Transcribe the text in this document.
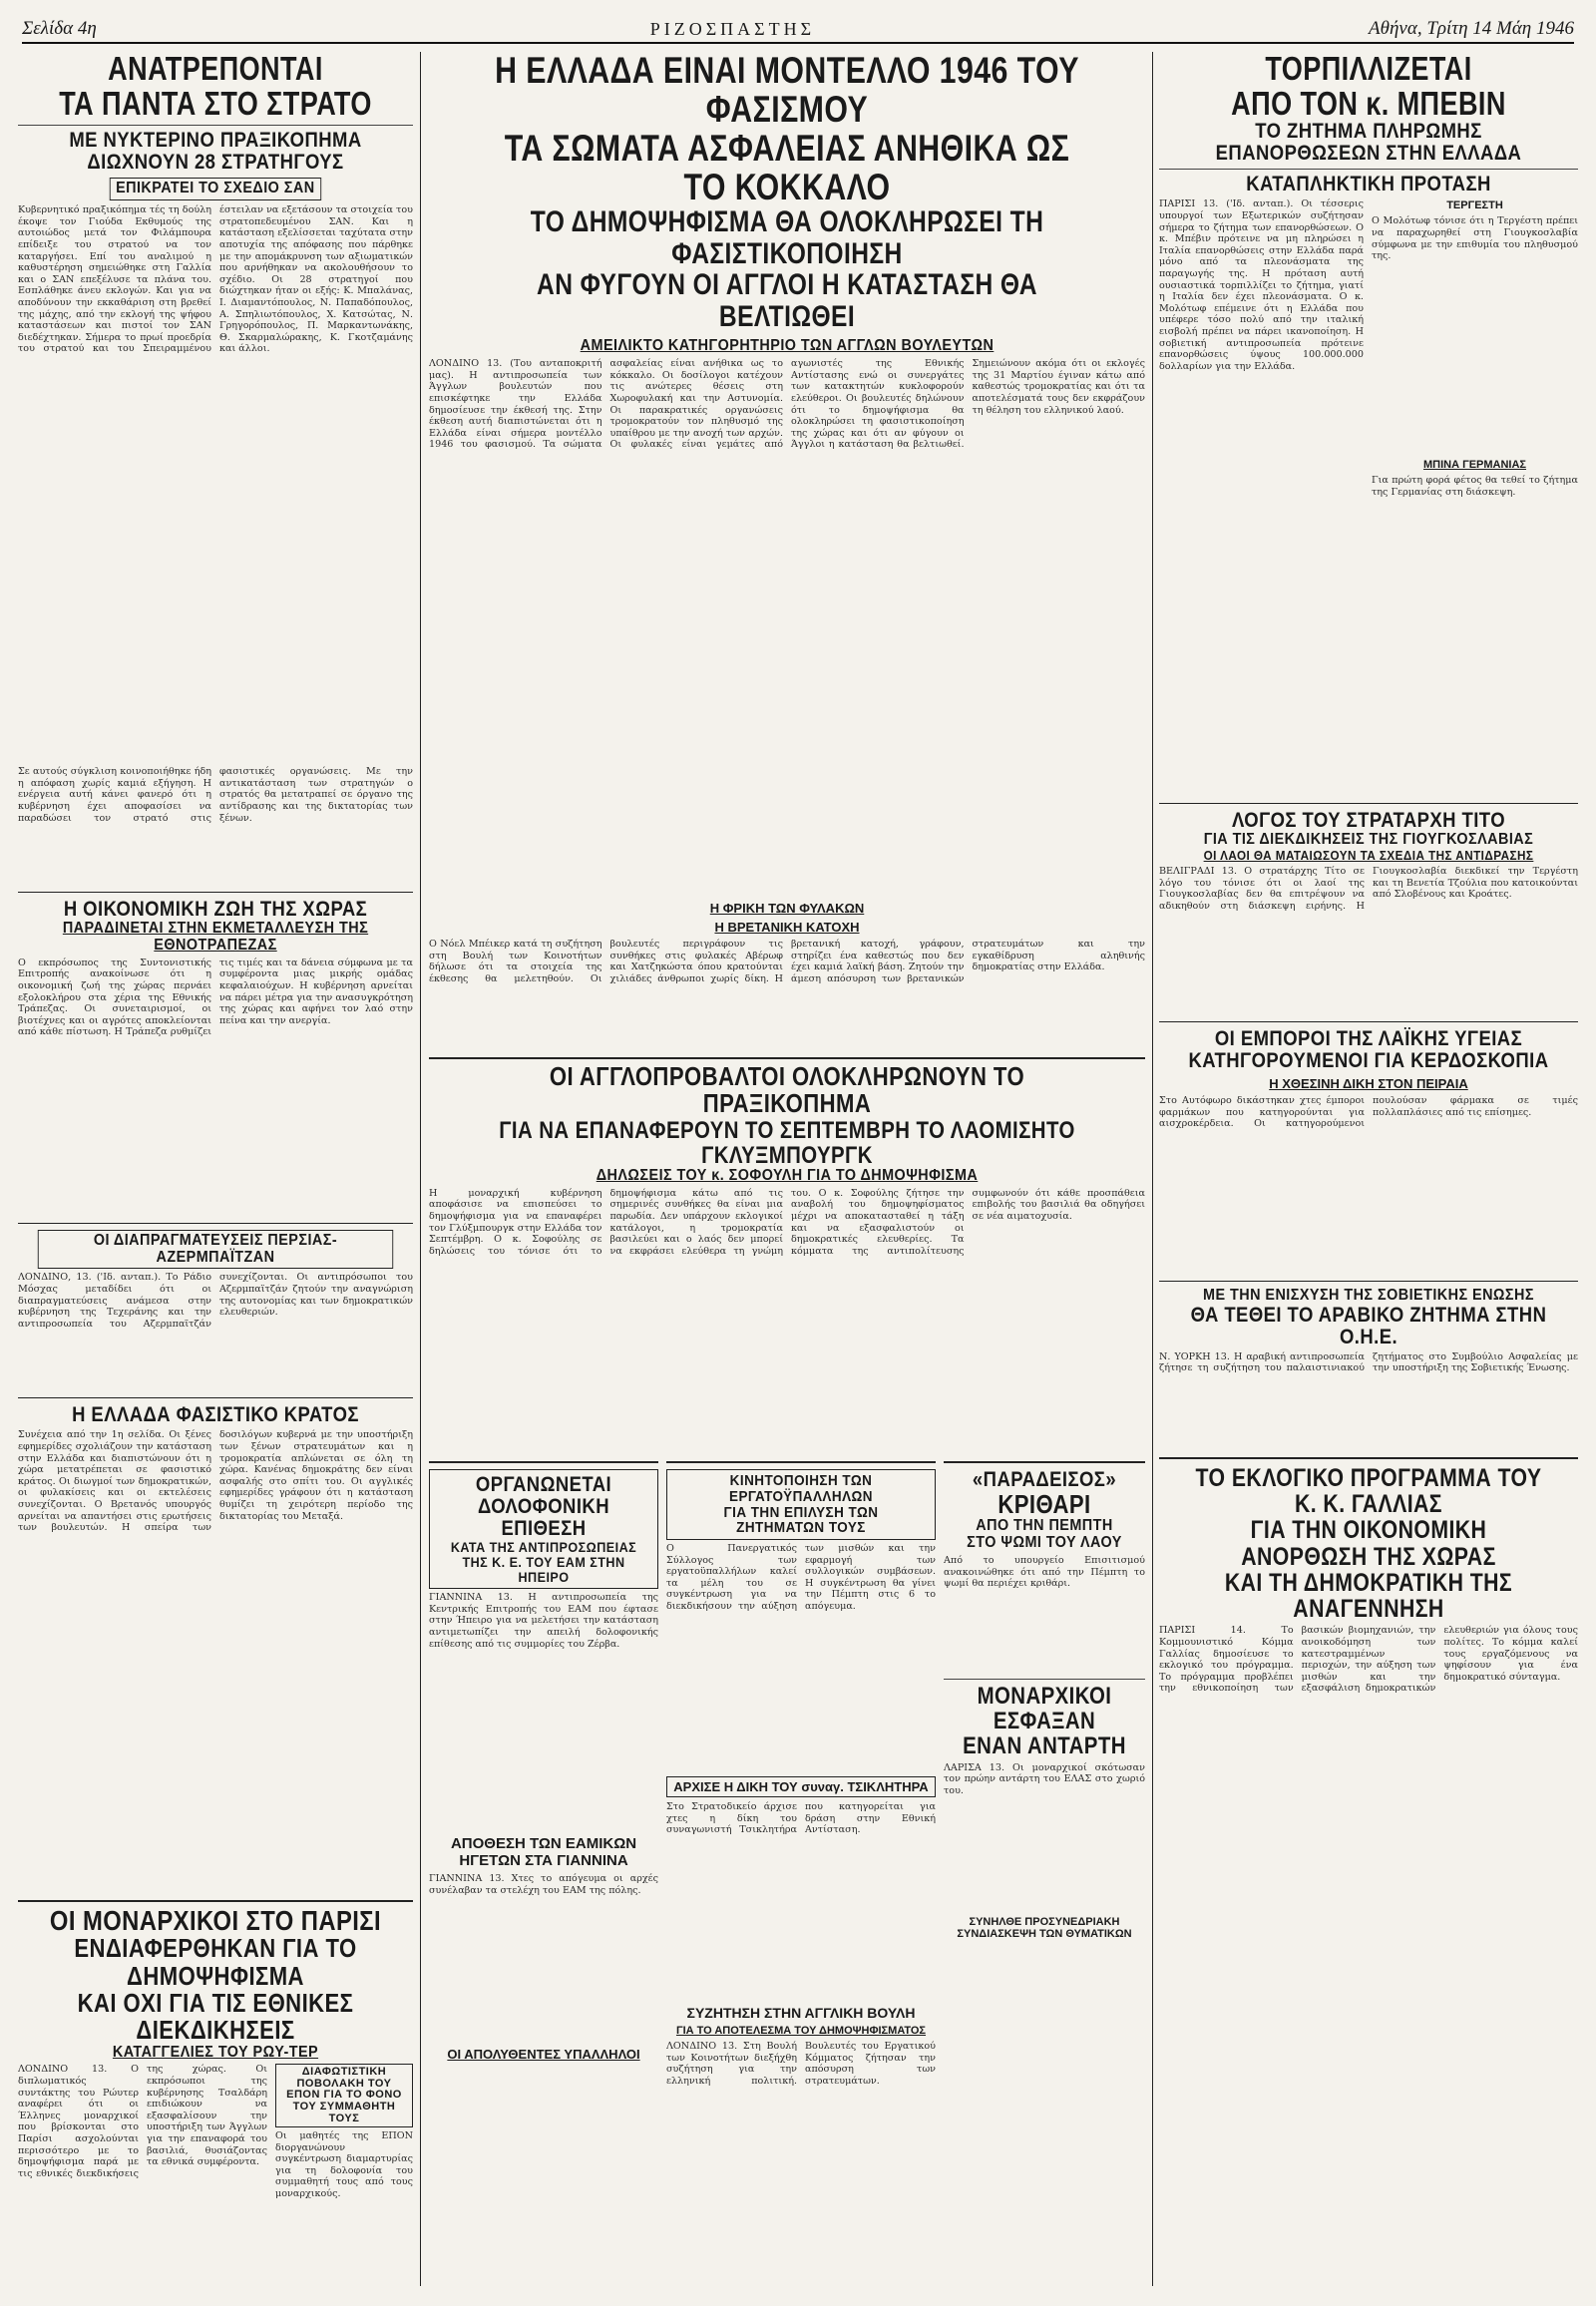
Σελίδα 4η	ΡΙΖΟΣΠΑΣΤΗΣ	Αθήνα, Τρίτη 14 Μάη 1946

ΑΝΑΤΡΕΠΟΝΤΑΙ

ΤΑ ΠΑΝΤΑ ΣΤΟ ΣΤΡΑΤΟ

ΜΕ ΝΥΚΤΕΡΙΝΟ ΠΡΑΞΙΚΟΠΗΜΑ

ΔΙΩΧΝΟΥΝ 28 ΣΤΡΑΤΗΓΟΥΣ

ΕΠΙΚΡΑΤΕΙ ΤΟ ΣΧΕΔΙΟ ΣΑΝ

Κυβερνητικό πραξικόπημα τές τη δούλη έκοψε τον Γιούδα Εκθυμούς της αυτοιώδος μετά τον Φιλάμπουρα επίδειξε του στρατού να τον καταργήσει. Επί του αναλιμού η καθυστέρηση σημειώθηκε στη Γαλλία και ο ΣΑΝ επεξέλυσε τα πλάνα του. Εσπλάθηκε άνευ εκλογών. Και για να αποδύνουν την εκκαθάριση στη βρεθεί της μάχης, από την εκλογή της ψήφου καταστάσεων και πιστοί τον ΣΑΝ διεδέχτηκαν. Σήμερα το πρωί προεδρία του στρατού και του Σπειραμμένου έστειλαν να εξετάσουν τα στοιχεία του στρατοπεδευμένου ΣΑΝ. Και η κατάσταση εξελίσσεται ταχύτατα στην αποτυχία της απόφασης που πάρθηκε με την απομάκρυνση των αξιωματικών που αρνήθηκαν να ακολουθήσουν το σχέδιο. Οι 28 στρατηγοί που διώχτηκαν ήταν οι εξής: Κ. Μπαλάνας, Ι. Διαμαντόπουλος, Ν. Παπαδόπουλος, Α. Σπηλιωτόπουλος, Χ. Κατσώτας, Ν. Γρηγορόπουλος, Π. Μαρκαντωνάκης, Θ. Σκαρμαλώρακης, Κ. Γκοτζαμάνης και άλλοι.

Σε αυτούς σύγκλιση κοινοποιήθηκε ήδη η απόφαση χωρίς καμιά εξήγηση. Η ενέργεια αυτή κάνει φανερό ότι η κυβέρνηση έχει αποφασίσει να παραδώσει τον στρατό στις φασιστικές οργανώσεις. Με την αντικατάσταση των στρατηγών ο στρατός θα μετατραπεί σε όργανο της αντίδρασης και της δικτατορίας των ξένων.

Η ΟΙΚΟΝΟΜΙΚΗ ΖΩΗ ΤΗΣ ΧΩΡΑΣ

ΠΑΡΑΔΙΝΕΤΑΙ ΣΤΗΝ ΕΚΜΕΤΑΛΛΕΥΣΗ ΤΗΣ ΕΘΝΟΤΡΑΠΕΖΑΣ

Ο εκπρόσωπος της Συντονιστικής Επιτροπής ανακοίνωσε ότι η οικονομική ζωή της χώρας περνάει εξολοκλήρου στα χέρια της Εθνικής Τράπεζας. Οι συνεταιρισμοί, οι βιοτέχνες και οι αγρότες αποκλείονται από κάθε πίστωση. Η Τράπεζα ρυθμίζει τις τιμές και τα δάνεια σύμφωνα με τα συμφέροντα μιας μικρής ομάδας κεφαλαιούχων. Η κυβέρνηση αρνείται να πάρει μέτρα για την ανασυγκρότηση της χώρας και αφήνει τον λαό στην πείνα και την ανεργία.

ΟΙ ΔΙΑΠΡΑΓΜΑΤΕΥΣΕΙΣ ΠΕΡΣΙΑΣ-ΑΖΕΡΜΠΑΪΤΖΑΝ

ΛΟΝΔΙΝΟ, 13. ('Ιδ. ανταπ.). Το Ράδιο Μόσχας μεταδίδει ότι οι διαπραγματεύσεις ανάμεσα στην κυβέρνηση της Τεχεράνης και την αντιπροσωπεία του Αζερμπαϊτζάν συνεχίζονται. Οι αντιπρόσωποι του Αζερμπαϊτζάν ζητούν την αναγνώριση της αυτονομίας και των δημοκρατικών ελευθεριών.

Η ΕΛΛΑΔΑ ΦΑΣΙΣΤΙΚΟ ΚΡΑΤΟΣ

Συνέχεια από την 1η σελίδα. Οι ξένες εφημερίδες σχολιάζουν την κατάσταση στην Ελλάδα και διαπιστώνουν ότι η χώρα μετατρέπεται σε φασιστικό κράτος. Οι διωγμοί των δημοκρατικών, οι φυλακίσεις και οι εκτελέσεις συνεχίζονται. Ο Βρετανός υπουργός αρνείται να απαντήσει στις ερωτήσεις των βουλευτών. Η σπείρα των δοσιλόγων κυβερνά με την υποστήριξη των ξένων στρατευμάτων και η τρομοκρατία απλώνεται σε όλη τη χώρα. Κανένας δημοκράτης δεν είναι ασφαλής στο σπίτι του. Οι αγγλικές εφημερίδες γράφουν ότι η κατάσταση θυμίζει τη χειρότερη περίοδο της δικτατορίας του Μεταξά.

Η ΕΛΛΑΔΑ ΕΙΝΑΙ ΜΟΝΤΕΛΛΟ 1946 ΤΟΥ ΦΑΣΙΣΜΟΥ

ΤΑ ΣΩΜΑΤΑ ΑΣΦΑΛΕΙΑΣ ΑΝΗΘΙΚΑ ΩΣ ΤΟ ΚΟΚΚΑΛΟ

ΤΟ ΔΗΜΟΨΗΦΙΣΜΑ ΘΑ ΟΛΟΚΛΗΡΩΣΕΙ ΤΗ ΦΑΣΙΣΤΙΚΟΠΟΙΗΣΗ

ΑΝ ΦΥΓΟΥΝ ΟΙ ΑΓΓΛΟΙ Η ΚΑΤΑΣΤΑΣΗ ΘΑ ΒΕΛΤΙΩΘΕΙ

ΑΜΕΙΛΙΚΤΟ ΚΑΤΗΓΟΡΗΤΗΡΙΟ ΤΩΝ ΑΓΓΛΩΝ ΒΟΥΛΕΥΤΩΝ

ΛΟΝΔΙΝΟ 13. (Του ανταποκριτή μας). Η αντιπροσωπεία των Άγγλων βουλευτών που επισκέφτηκε την Ελλάδα δημοσίευσε την έκθεσή της. Στην έκθεση αυτή διαπιστώνεται ότι η Ελλάδα είναι σήμερα μοντέλλο 1946 του φασισμού. Τα σώματα ασφαλείας είναι ανήθικα ως το κόκκαλο. Οι δοσίλογοι κατέχουν τις ανώτερες θέσεις στη Χωροφυλακή και την Αστυνομία. Οι παρακρατικές οργανώσεις τρομοκρατούν τον πληθυσμό της υπαίθρου με την ανοχή των αρχών. Οι φυλακές είναι γεμάτες από αγωνιστές της Εθνικής Αντίστασης ενώ οι συνεργάτες των κατακτητών κυκλοφορούν ελεύθεροι. Οι βουλευτές δηλώνουν ότι το δημοψήφισμα θα ολοκληρώσει τη φασιστικοποίηση της χώρας και ότι αν φύγουν οι Άγγλοι η κατάσταση θα βελτιωθεί. Σημειώνουν ακόμα ότι οι εκλογές της 31 Μαρτίου έγιναν κάτω από καθεστώς τρομοκρατίας και ότι τα αποτελέσματά τους δεν εκφράζουν τη θέληση του ελληνικού λαού.

Η ΦΡΙΚΗ ΤΩΝ ΦΥΛΑΚΩΝ

Η ΒΡΕΤΑΝΙΚΗ ΚΑΤΟΧΗ

Ο Νόελ Μπέικερ κατά τη συζήτηση στη Βουλή των Κοινοτήτων δήλωσε ότι τα στοιχεία της έκθεσης θα μελετηθούν. Οι βουλευτές περιγράφουν τις συνθήκες στις φυλακές Αβέρωφ και Χατζηκώστα όπου κρατούνται χιλιάδες άνθρωποι χωρίς δίκη. Η βρετανική κατοχή, γράφουν, στηρίζει ένα καθεστώς που δεν έχει καμιά λαϊκή βάση. Ζητούν την άμεση απόσυρση των βρετανικών στρατευμάτων και την εγκαθίδρυση αληθινής δημοκρατίας στην Ελλάδα.

ΟΙ ΑΓΓΛΟΠΡΟΒΑΛΤΟΙ ΟΛΟΚΛΗΡΩΝΟΥΝ ΤΟ ΠΡΑΞΙΚΟΠΗΜΑ

ΓΙΑ ΝΑ ΕΠΑΝΑΦΕΡΟΥΝ ΤΟ ΣΕΠΤΕΜΒΡΗ ΤΟ ΛΑΟΜΙΣΗΤΟ ΓΚΛΥΞΜΠΟΥΡΓΚ

ΔΗΛΩΣΕΙΣ ΤΟΥ κ. ΣΟΦΟΥΛΗ ΓΙΑ ΤΟ ΔΗΜΟΨΗΦΙΣΜΑ

Η μοναρχική κυβέρνηση αποφάσισε να επισπεύσει το δημοψήφισμα για να επαναφέρει τον Γλύξμπουργκ στην Ελλάδα τον Σεπτέμβρη. Ο κ. Σοφούλης σε δηλώσεις του τόνισε ότι το δημοψήφισμα κάτω από τις σημερινές συνθήκες θα είναι μια παρωδία. Δεν υπάρχουν εκλογικοί κατάλογοι, η τρομοκρατία βασιλεύει και ο λαός δεν μπορεί να εκφράσει ελεύθερα τη γνώμη του. Ο κ. Σοφούλης ζήτησε την αναβολή του δημοψηφίσματος μέχρι να αποκατασταθεί η τάξη και να εξασφαλιστούν οι δημοκρατικές ελευθερίες. Τα κόμματα της αντιπολίτευσης συμφωνούν ότι κάθε προσπάθεια επιβολής του βασιλιά θα οδηγήσει σε νέα αιματοχυσία.

ΟΡΓΑΝΩΝΕΤΑΙ

ΔΟΛΟΦΟΝΙΚΗ ΕΠΙΘΕΣΗ

ΚΑΤΑ ΤΗΣ ΑΝΤΙΠΡΟΣΩΠΕΙΑΣ ΤΗΣ Κ. Ε. ΤΟΥ ΕΑΜ ΣΤΗΝ ΗΠΕΙΡΟ

ΓΙΑΝΝΙΝΑ 13. Η αντιπροσωπεία της Κεντρικής Επιτροπής του ΕΑΜ που έφτασε στην Ήπειρο για να μελετήσει την κατάσταση αντιμετωπίζει την απειλή δολοφονικής επίθεσης από τις συμμορίες του Ζέρβα.

ΑΠΟΘΕΣΗ ΤΩΝ ΕΑΜΙΚΩΝ ΗΓΕΤΩΝ ΣΤΑ ΓΙΑΝΝΙΝΑ

ΓΙΑΝΝΙΝΑ 13. Χτες το απόγευμα οι αρχές συνέλαβαν τα στελέχη του ΕΑΜ της πόλης.

ΟΙ ΑΠΟΛΥΘΕΝΤΕΣ ΥΠΑΛΛΗΛΟΙ

ΚΙΝΗΤΟΠΟΙΗΣΗ ΤΩΝ ΕΡΓΑΤΟΫΠΑΛΛΗΛΩΝ

ΓΙΑ ΤΗΝ ΕΠΙΛΥΣΗ ΤΩΝ ΖΗΤΗΜΑΤΩΝ ΤΟΥΣ

Ο Πανεργατικός Σύλλογος των εργατοϋπαλλήλων καλεί τα μέλη του σε συγκέντρωση για να διεκδικήσουν την αύξηση των μισθών και την εφαρμογή των συλλογικών συμβάσεων. Η συγκέντρωση θα γίνει την Πέμπτη στις 6 το απόγευμα.

ΑΡΧΙΣΕ Η ΔΙΚΗ ΤΟΥ συναγ. ΤΣΙΚΛΗΤΗΡΑ

Στο Στρατοδικείο άρχισε χτες η δίκη του συναγωνιστή Τσικλητήρα που κατηγορείται για δράση στην Εθνική Αντίσταση.

ΣΥΖΗΤΗΣΗ ΣΤΗΝ ΑΓΓΛΙΚΗ ΒΟΥΛΗ

ΓΙΑ ΤΟ ΑΠΟΤΕΛΕΣΜΑ ΤΟΥ ΔΗΜΟΨΗΦΙΣΜΑΤΟΣ

ΛΟΝΔΙΝΟ 13. Στη Βουλή των Κοινοτήτων διεξήχθη συζήτηση για την ελληνική πολιτική. Βουλευτές του Εργατικού Κόμματος ζήτησαν την απόσυρση των στρατευμάτων.

«ΠΑΡΑΔΕΙΣΟΣ»

ΚΡΙΘΑΡΙ

ΑΠΟ ΤΗΝ ΠΕΜΠΤΗ

ΣΤΟ ΨΩΜΙ ΤΟΥ ΛΑΟΥ

Από το υπουργείο Επισιτισμού ανακοινώθηκε ότι από την Πέμπτη το ψωμί θα περιέχει κριθάρι.

ΜΟΝΑΡΧΙΚΟΙ

ΕΣΦΑΞΑΝ

ΕΝΑΝ ΑΝΤΑΡΤΗ

ΛΑΡΙΣΑ 13. Οι μοναρχικοί σκότωσαν τον πρώην αντάρτη του ΕΛΑΣ στο χωριό του.

ΣΥΝΗΛΘΕ ΠΡΟΣΥΝΕΔΡΙΑΚΗ ΣΥΝΔΙΑΣΚΕΨΗ ΤΩΝ ΘΥΜΑΤΙΚΩΝ

ΤΟΡΠΙΛΛΙΖΕΤΑΙ

ΑΠΟ ΤΟΝ κ. ΜΠΕΒΙΝ

ΤΟ ΖΗΤΗΜΑ ΠΛΗΡΩΜΗΣ

ΕΠΑΝΟΡΘΩΣΕΩΝ ΣΤΗΝ ΕΛΛΑΔΑ

ΚΑΤΑΠΛΗΚΤΙΚΗ ΠΡΟΤΑΣΗ

ΠΑΡΙΣΙ 13. ('Ιδ. ανταπ.). Οι τέσσερις υπουργοί των Εξωτερικών συζήτησαν σήμερα το ζήτημα των επανορθώσεων. Ο κ. Μπέβιν πρότεινε να μη πληρώσει η Ιταλία επανορθώσεις στην Ελλάδα παρά μόνο από τα πλεονάσματα της παραγωγής της. Η πρόταση αυτή ουσιαστικά τορπιλλίζει το ζήτημα, γιατί η Ιταλία δεν έχει πλεονάσματα. Ο κ. Μολότωφ επέμεινε ότι η Ελλάδα που υπέφερε τόσο πολύ από την ιταλική εισβολή πρέπει να πάρει ικανοποίηση. Η σοβιετική αντιπροσωπεία πρότεινε επανορθώσεις ύψους 100.000.000 δολλαρίων για την Ελλάδα.

ΤΕΡΓΕΣΤΗ

Ο Μολότωφ τόνισε ότι η Τεργέστη πρέπει να παραχωρηθεί στη Γιουγκοσλαβία σύμφωνα με την επιθυμία του πληθυσμού της.

ΜΠΙΝΑ ΓΕΡΜΑΝΙΑΣ

Για πρώτη φορά φέτος θα τεθεί το ζήτημα της Γερμανίας στη διάσκεψη.

ΛΟΓΟΣ ΤΟΥ ΣΤΡΑΤΑΡΧΗ ΤΙΤΟ

ΓΙΑ ΤΙΣ ΔΙΕΚΔΙΚΗΣΕΙΣ ΤΗΣ ΓΙΟΥΓΚΟΣΛΑΒΙΑΣ

ΟΙ ΛΑΟΙ ΘΑ ΜΑΤΑΙΩΣΟΥΝ ΤΑ ΣΧΕΔΙΑ ΤΗΣ ΑΝΤΙΔΡΑΣΗΣ

ΒΕΛΙΓΡΑΔΙ 13. Ο στρατάρχης Τίτο σε λόγο του τόνισε ότι οι λαοί της Γιουγκοσλαβίας δεν θα επιτρέψουν να αδικηθούν στη διάσκεψη ειρήνης. Η Γιουγκοσλαβία διεκδικεί την Τεργέστη και τη Βενετία Τζούλια που κατοικούνται από Σλοβένους και Κροάτες.

ΟΙ ΕΜΠΟΡΟΙ ΤΗΣ ΛΑΪΚΗΣ ΥΓΕΙΑΣ

ΚΑΤΗΓΟΡΟΥΜΕΝΟΙ ΓΙΑ ΚΕΡΔΟΣΚΟΠΙΑ

Η ΧΘΕΣΙΝΗ ΔΙΚΗ ΣΤΟΝ ΠΕΙΡΑΙΑ

Στο Αυτόφωρο δικάστηκαν χτες έμποροι φαρμάκων που κατηγορούνται για αισχροκέρδεια. Οι κατηγορούμενοι πουλούσαν φάρμακα σε τιμές πολλαπλάσιες από τις επίσημες.

ΜΕ ΤΗΝ ΕΝΙΣΧΥΣΗ ΤΗΣ ΣΟΒΙΕΤΙΚΗΣ ΕΝΩΣΗΣ

ΘΑ ΤΕΘΕΙ ΤΟ ΑΡΑΒΙΚΟ ΖΗΤΗΜΑ ΣΤΗΝ Ο.Η.Ε.

Ν. ΥΟΡΚΗ 13. Η αραβική αντιπροσωπεία ζήτησε τη συζήτηση του παλαιστινιακού ζητήματος στο Συμβούλιο Ασφαλείας με την υποστήριξη της Σοβιετικής Ένωσης.

ΤΟ ΕΚΛΟΓΙΚΟ ΠΡΟΓΡΑΜΜΑ ΤΟΥ Κ. Κ. ΓΑΛΛΙΑΣ

ΓΙΑ ΤΗΝ ΟΙΚΟΝΟΜΙΚΗ ΑΝΟΡΘΩΣΗ ΤΗΣ ΧΩΡΑΣ

ΚΑΙ ΤΗ ΔΗΜΟΚΡΑΤΙΚΗ ΤΗΣ ΑΝΑΓΕΝΝΗΣΗ

ΠΑΡΙΣΙ 14. Το Κομμουνιστικό Κόμμα Γαλλίας δημοσίευσε το εκλογικό του πρόγραμμα. Το πρόγραμμα προβλέπει την εθνικοποίηση των βασικών βιομηχανιών, την ανοικοδόμηση των κατεστραμμένων περιοχών, την αύξηση των μισθών και την εξασφάλιση δημοκρατικών ελευθεριών για όλους τους πολίτες. Το κόμμα καλεί τους εργαζόμενους να ψηφίσουν για ένα δημοκρατικό σύνταγμα.

ΟΙ ΜΟΝΑΡΧΙΚΟΙ ΣΤΟ ΠΑΡΙΣΙ

ΕΝΔΙΑΦΕΡΘΗΚΑΝ ΓΙΑ ΤΟ ΔΗΜΟΨΗΦΙΣΜΑ

ΚΑΙ ΟΧΙ ΓΙΑ ΤΙΣ ΕΘΝΙΚΕΣ ΔΙΕΚΔΙΚΗΣΕΙΣ

ΚΑΤΑΓΓΕΛΙΕΣ ΤΟΥ ΡΩΥ-ΤΕΡ

ΛΟΝΔΙΝΟ 13. Ο διπλωματικός συντάκτης του Ρώυτερ αναφέρει ότι οι Έλληνες μοναρχικοί που βρίσκονται στο Παρίσι ασχολούνται περισσότερο με το δημοψήφισμα παρά με τις εθνικές διεκδικήσεις της χώρας. Οι εκπρόσωποι της κυβέρνησης Τσαλδάρη επιδιώκουν να εξασφαλίσουν την υποστήριξη των Άγγλων για την επαναφορά του βασιλιά, θυσιάζοντας τα εθνικά συμφέροντα.

ΔΙΑΦΩΤΙΣΤΙΚΗ ΠΟΒΟΛΑΚΗ ΤΟΥ ΕΠΟΝ ΓΙΑ ΤΟ ΦΟΝΟ ΤΟΥ ΣΥΜΜΑΘΗΤΗ ΤΟΥΣ

Οι μαθητές της ΕΠΟΝ διοργανώνουν συγκέντρωση διαμαρτυρίας για τη δολοφονία του συμμαθητή τους από τους μοναρχικούς.
